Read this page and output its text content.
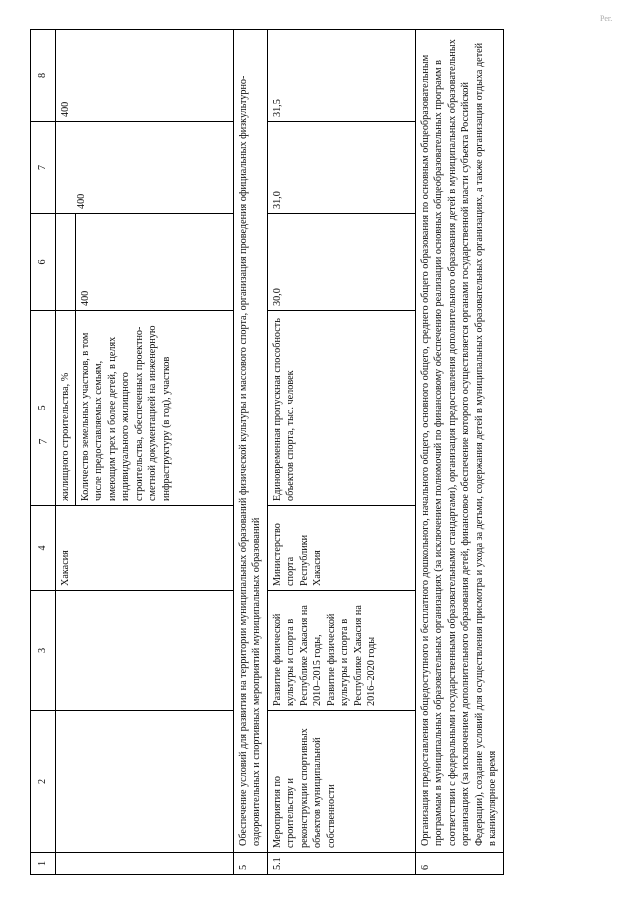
Рег.
7
1	2	3	4	5	6	7	8
			Хакасия	жилищного строительства, % Количество земельных участков, в том числе предоставляемых семьям, имеющим трех и более детей, в целях индивидуального жилищного строительства, обеспеченных проектно-сметной документацией на инженерную инфраструктуру (в год), участков	400	400	400
5	Обеспечение условий для развития на территории муниципальных образований физической культуры и массового спорта, организация проведения официальных физкультурно-оздоровительных и спортивных мероприятий муниципальных образований						
5.1	Мероприятия по строительству и реконструкции спортивных объектов муниципальной собственности	Развитие физической культуры и спорта в Республике Хакасия на 2010–2015 годы, Развитие физической культуры и спорта в Республике Хакасия на 2016–2020 годы	Министерство спорта Республики Хакасия	Единовременная пропускная способность объектов спорта, тыс. человек	30,0	31,0	31,5
6	Организация предоставления общедоступного и бесплатного дошкольного, начального общего, основного общего, среднего общего образования по основным общеобразовательным программам в муниципальных образовательных организациях (за исключением полномочий по финансовому обеспечению реализации основных общеобразовательных программ в соответствии с федеральными государственными образовательными стандартами), организация предоставления дополнительного образования детей в муниципальных образовательных организациях (за исключением дополнительного образования детей, финансовое обеспечение которого осуществляется органами государственной власти субъекта Российской Федерации), создание условий для осуществления присмотра и ухода за детьми, содержания детей в муниципальных образовательных организациях, а также организация отдыха детей в каникулярное время						
